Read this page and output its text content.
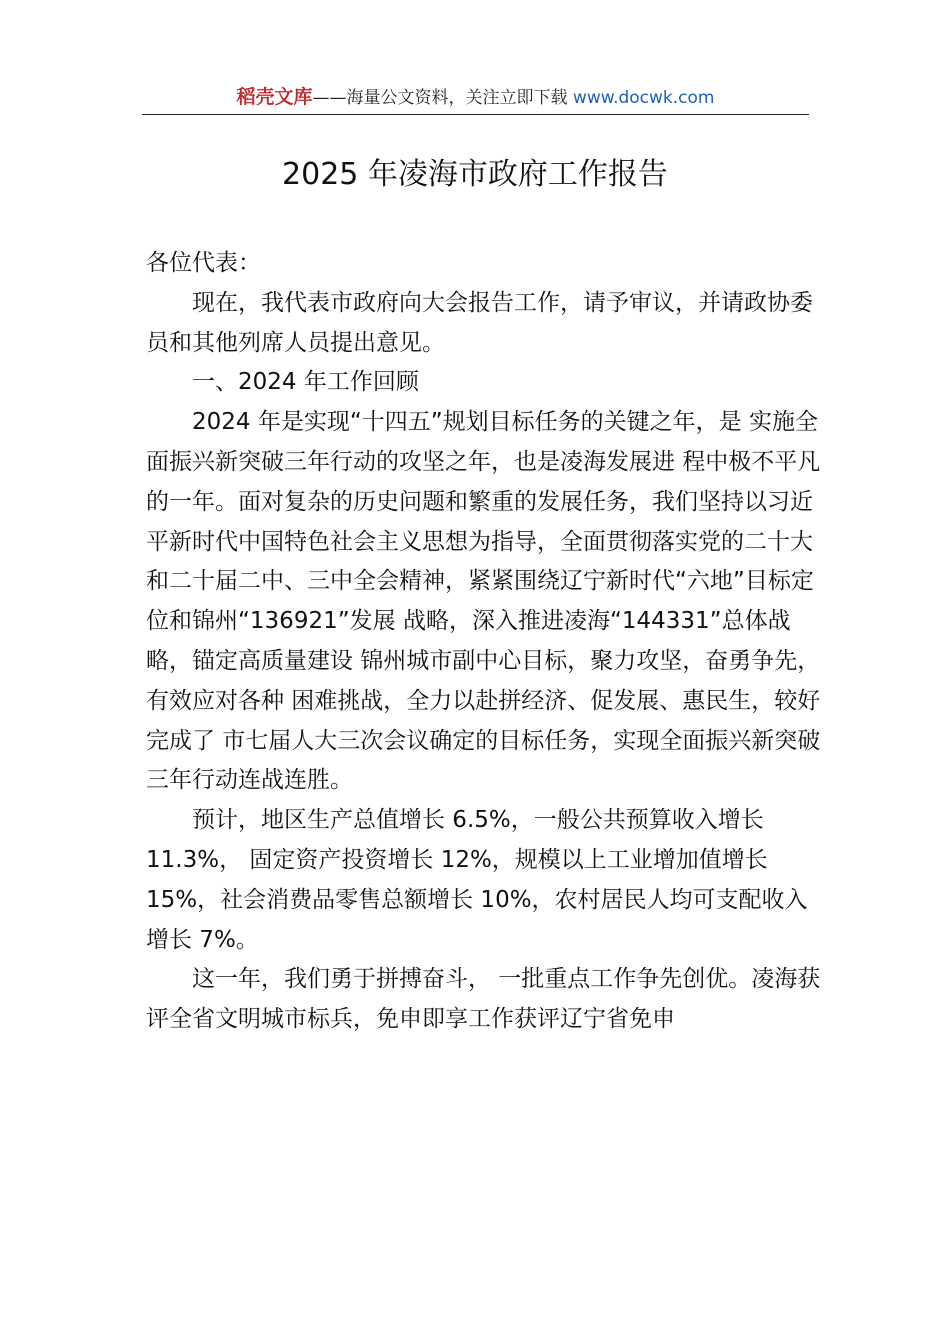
稻壳文库——海量公文资料，关注立即下载 www.docwk.com
2025 年凌海市政府工作报告

各位代表：

现在，我代表市政府向大会报告工作，请予审议，并请政协委员和其他列席人员提出意见。

一、2024 年工作回顾

2024 年是实现“十四五”规划目标任务的关键之年，是 实施全面振兴新突破三年行动的攻坚之年，也是凌海发展进 程中极不平凡的一年。面对复杂的历史问题和繁重的发展任务，我们坚持以习近平新时代中国特色社会主义思想为指导，全面贯彻落实党的二十大和二十届二中、三中全会精神，紧紧围绕辽宁新时代“六地”目标定位和锦州“136921”发展 战略，深入推进凌海“144331”总体战略，锚定高质量建设 锦州城市副中心目标，聚力攻坚，奋勇争先，有效应对各种 困难挑战，全力以赴拼经济、促发展、惠民生，较好完成了 市七届人大三次会议确定的目标任务，实现全面振兴新突破 三年行动连战连胜。

预计，地区生产总值增长 6.5%，一般公共预算收入增长 11.3%， 固定资产投资增长 12%，规模以上工业增加值增长 15%，社会消费品零售总额增长 10%，农村居民人均可支配收入增长 7%。

这一年，我们勇于拼搏奋斗， 一批重点工作争先创优。凌海获评全省文明城市标兵，免申即享工作获评辽宁省免申
